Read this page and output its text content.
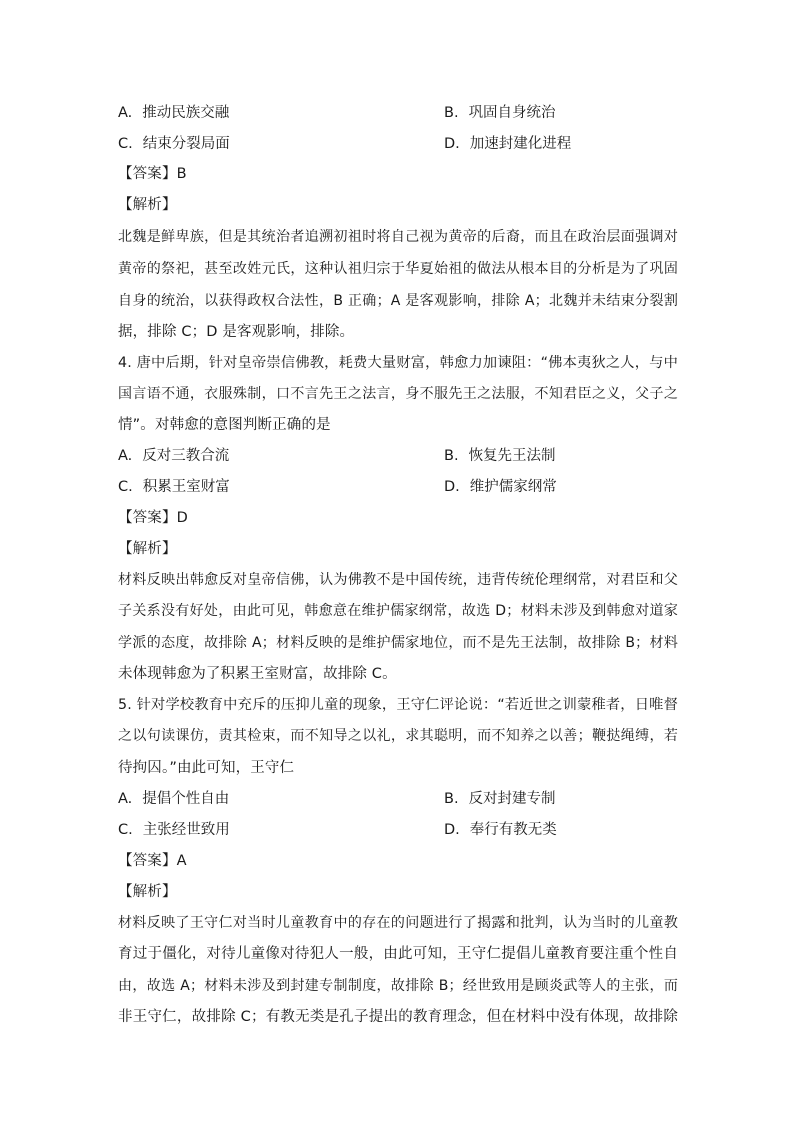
A. 推动民族交融	B. 巩固自身统治
C. 结束分裂局面	D. 加速封建化进程
【答案】B
【解析】
北魏是鲜卑族，但是其统治者追溯初祖时将自己视为黄帝的后裔，而且在政治层面强调对
黄帝的祭祀，甚至改姓元氏，这种认祖归宗于华夏始祖的做法从根本目的分析是为了巩固
自身的统治，以获得政权合法性，B 正确；A 是客观影响，排除 A；北魏并未结束分裂割
据，排除 C；D 是客观影响，排除。
4. 唐中后期，针对皇帝崇信佛教，耗费大量财富，韩愈力加谏阻：“佛本夷狄之人，与中
国言语不通，衣服殊制，口不言先王之法言，身不服先王之法服，不知君臣之义，父子之
情”。对韩愈的意图判断正确的是
A. 反对三教合流	B. 恢复先王法制
C. 积累王室财富	D. 维护儒家纲常
【答案】D
【解析】
材料反映出韩愈反对皇帝信佛，认为佛教不是中国传统，违背传统伦理纲常，对君臣和父
子关系没有好处，由此可见，韩愈意在维护儒家纲常，故选 D；材料未涉及到韩愈对道家
学派的态度，故排除 A；材料反映的是维护儒家地位，而不是先王法制，故排除 B；材料
未体现韩愈为了积累王室财富，故排除 C。
5. 针对学校教育中充斥的压抑儿童的现象，王守仁评论说：“若近世之训蒙稚者，日唯督
之以句读课仿，责其检束，而不知导之以礼，求其聪明，而不知养之以善；鞭挞绳缚，若
待拘囚。”由此可知，王守仁
A. 提倡个性自由	B. 反对封建专制
C. 主张经世致用	D. 奉行有教无类
【答案】A
【解析】
材料反映了王守仁对当时儿童教育中的存在的问题进行了揭露和批判，认为当时的儿童教
育过于僵化，对待儿童像对待犯人一般，由此可知，王守仁提倡儿童教育要注重个性自
由，故选 A；材料未涉及到封建专制制度，故排除 B；经世致用是顾炎武等人的主张，而
非王守仁，故排除 C；有教无类是孔子提出的教育理念，但在材料中没有体现，故排除
